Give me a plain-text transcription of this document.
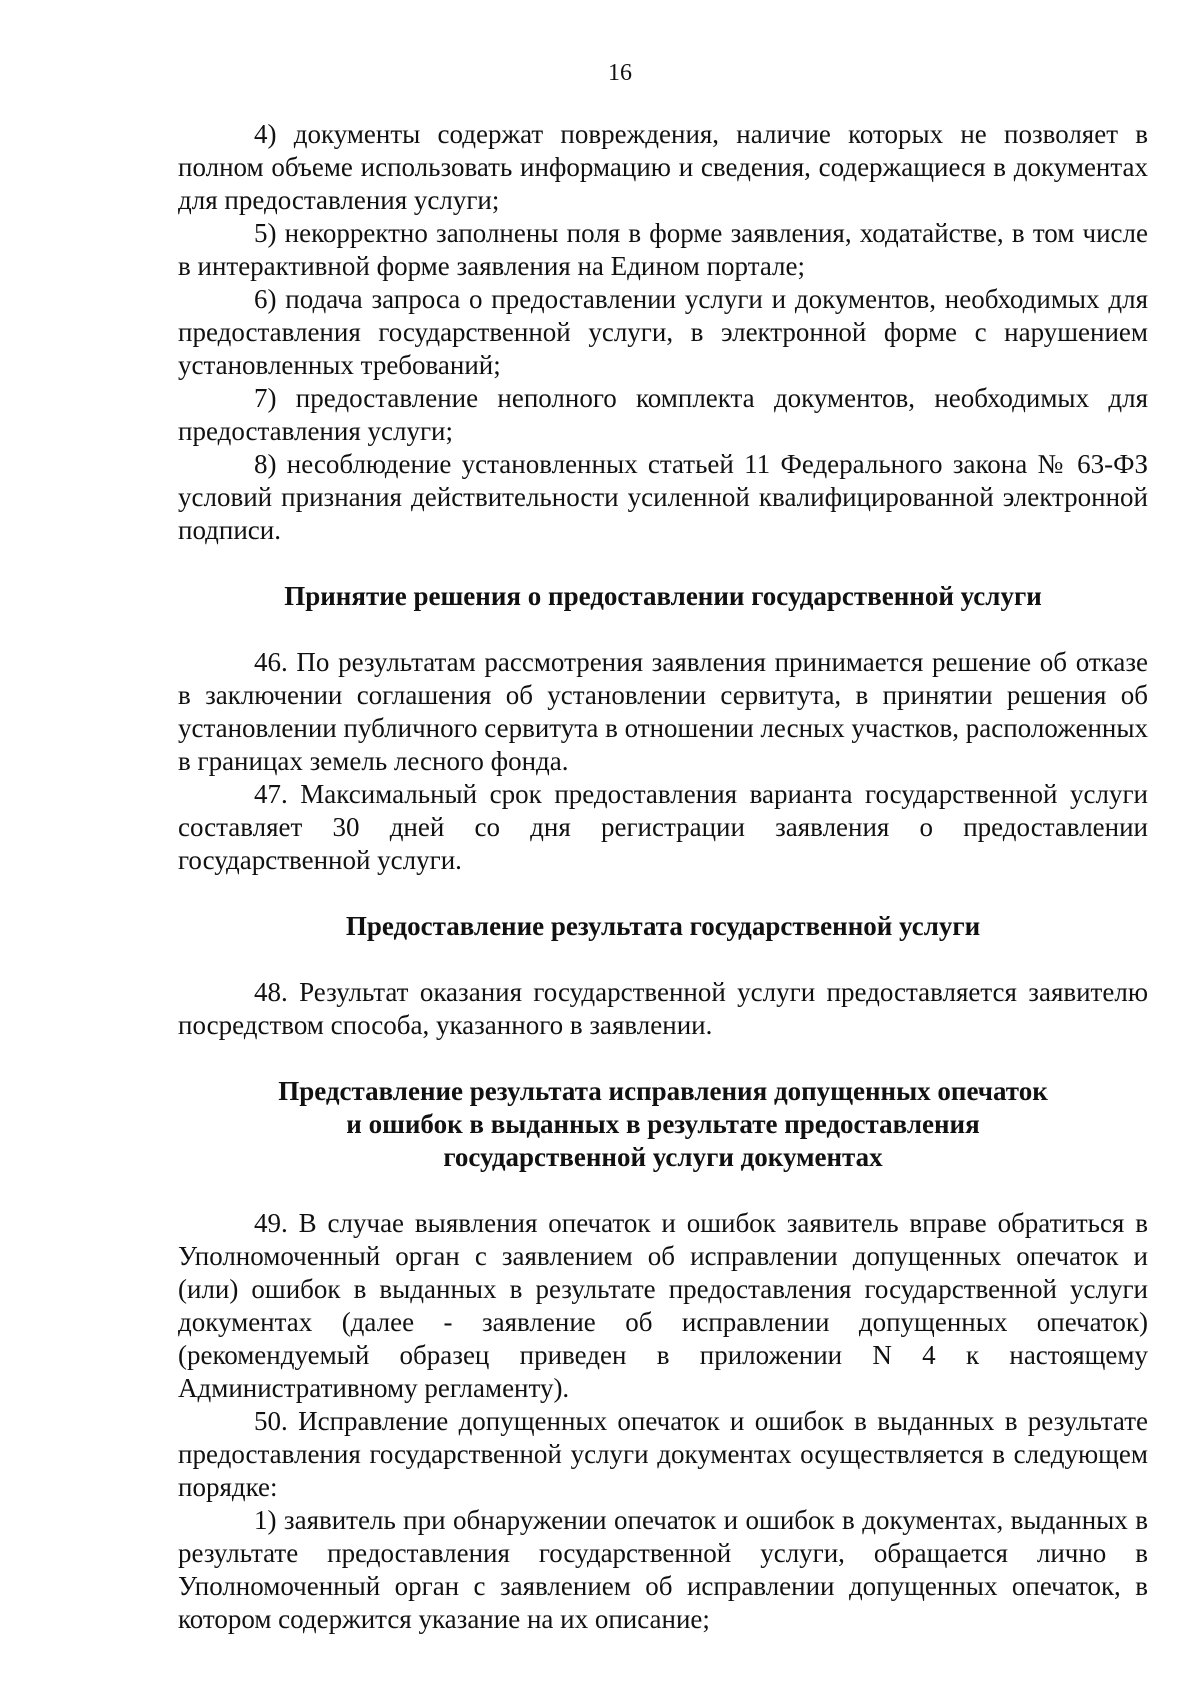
16

4) документы содержат повреждения, наличие которых не позволяет в полном объеме использовать информацию и сведения, содержащиеся в документах для предоставления услуги;

5) некорректно заполнены поля в форме заявления, ходатайстве, в том числе в интерактивной форме заявления на Едином портале;

6) подача запроса о предоставлении услуги и документов, необходимых для предоставления государственной услуги, в электронной форме с нарушением установленных требований;

7) предоставление неполного комплекта документов, необходимых для предоставления услуги;

8) несоблюдение установленных статьей 11 Федерального закона № 63-ФЗ условий признания действительности усиленной квалифицированной электронной подписи.

Принятие решения о предоставлении государственной услуги

46. По результатам рассмотрения заявления принимается решение об отказе в заключении соглашения об установлении сервитута, в принятии решения об установлении публичного сервитута в отношении лесных участков, расположенных в границах земель лесного фонда.

47. Максимальный срок предоставления варианта государственной услуги составляет 30 дней со дня регистрации заявления о предоставлении государственной услуги.

Предоставление результата государственной услуги

48. Результат оказания государственной услуги предоставляется заявителю посредством способа, указанного в заявлении.

Представление результата исправления допущенных опечаток
и ошибок в выданных в результате предоставления
государственной услуги документах

49. В случае выявления опечаток и ошибок заявитель вправе обратиться в Уполномоченный орган с заявлением об исправлении допущенных опечаток и (или) ошибок в выданных в результате предоставления государственной услуги документах (далее - заявление об исправлении допущенных опечаток) (рекомендуемый образец приведен в приложении N 4 к настоящему Административному регламенту).

50. Исправление допущенных опечаток и ошибок в выданных в результате предоставления государственной услуги документах осуществляется в следующем порядке:

1) заявитель при обнаружении опечаток и ошибок в документах, выданных в результате предоставления государственной услуги, обращается лично в Уполномоченный орган с заявлением об исправлении допущенных опечаток, в котором содержится указание на их описание;
